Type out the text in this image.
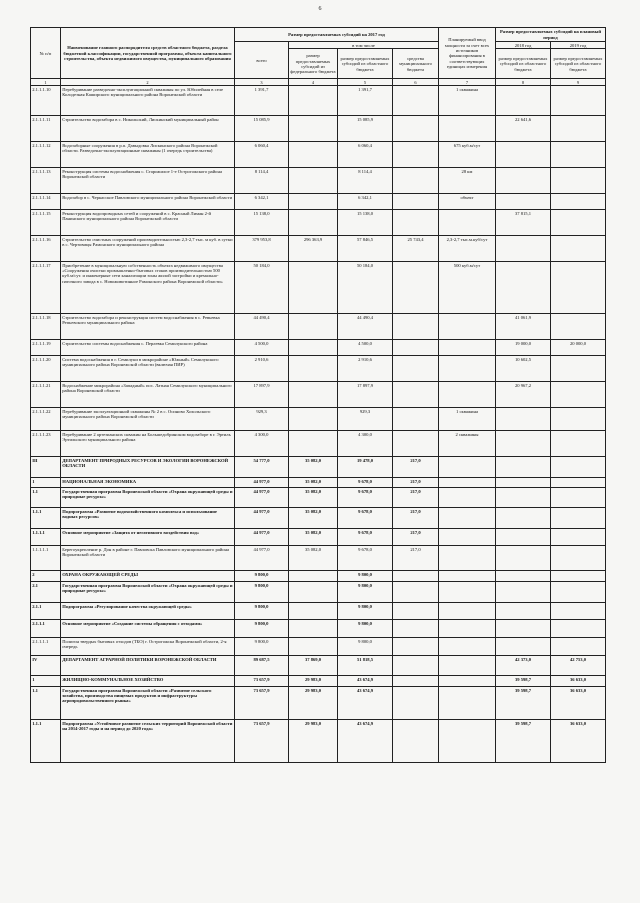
6
№ п/п	Наименование главного распорядителя средств областного бюджета, раздела бюджетной классификации, государственной программы, объекта капитального строительства, объекта недвижимого имущества, муниципального образования	Размер предоставляемых субсидий на 2017 год				Планируемый ввод мощности за счет всех источников финансирования в соответствующих единицах измерения	Размер предоставляемых субсидий на плановый период	
		всего	в том числе				2018 год	2019 год
			размер предоставляемых субсидий из федерального бюджета	размер предоставляемых субсидий из областного бюджета	средства муниципального бюджета		размер предоставляемых субсидий из областного бюджета	размер предоставляемых субсидий из областного бюджета

1	2	3	4	5	6	7	8	9
2.1.1.1.10	Перебуривание разведочно-эксплуатационной скважины по ул. Юбилейная в селе Колодезная Каширского муниципального района Воронежской области	1 391,7		1 391,7		1 скважина		
2.1.1.1.11	Строительство водозабора в с. Никольский, Лискинский муниципальный район	15 085,9		15 085,9			22 641,6	
2.1.1.1.12	Водозаборные сооружения в р.п. Давыдовка Лискинского района Воронежской области. Разведочно-эксплуатационные скважины (1 очередь строительства)	6 060,4		6 060,4		675 куб.м/сут		
2.1.1.1.13	Реконструкция системы водоснабжения с. Старожилое 1-е Острогожского района Воронежской области	8 114,4		8 114,4		28 км		
2.1.1.1.14	Водозабор в с. Черкасское Павловского муниципального района Воронежской области	6 342,1		6 342,1		объект		
2.1.1.1.15	Реконструкция водопроводных сетей и сооружений в с. Красный Лиман 2-й Панинского муниципального района Воронежской области	15 138,0		15 138,0			37 815,1	
2.1.1.1.16	Строительство очистных сооружений производительностью 2,3-2,7 тыс. м куб. в сутки в с. Чертовицы Рамонского муниципального района	379 953,8	296 363,9	57 846,5	25 743,4	2,3-2,7 тыс.м.куб/сут		
2.1.1.1.17	Приобретение в муниципальную собственность объекта недвижимого имущества «Сооружения очистки промышленно-бытовых стоков производительностью 500 куб.м/сут. и инженерные сети канализации зоны жилой застройки и кремально-паточного завода в с. Новоживотинное Рамонского района Воронежской области»	50 184,0		50 184,0		500 куб.м/сут		
2.1.1.1.18	Строительство водозабора и реконструкция систем водоснабжения в с. Ревьевка Репьевского муниципального района	44 490,4		44 490,4			41 061,9	
2.1.1.1.19	Строительство системы водоснабжения с. Перлевка Семилукского района	4 500,0		4 500,0			19 000,0	20 000,0
2.1.1.1.20	Система водоснабжения в г. Семилуки в микрорайоне «Южный» Семилукского муниципального района Воронежской области (включая ПИР)	2 910,6		2 910,6			10 602,5	
2.1.1.1.21	Водоснабжение микрорайона «Западный» пос. Латная Семилукского муниципального района Воронежской области	17 897,9		17 897,9			20 967,2	
2.1.1.1.22	Перебуривание эксплуатационной скважины № 2 в с. Осиново Хохольского муниципального района Воронежской области	929,3		929,3		1 скважина		
2.1.1.1.23	Перебуривание 2 артезианских скважин на Большедобринском водозаборе в г. Эртиль Эртильского муниципального района	4 300,0		4 300,0		2 скважины		
III	ДЕПАРТАМЕНТ ПРИРОДНЫХ РЕСУРСОВ И ЭКОЛОГИИ ВОРОНЕЖСКОЙ ОБЛАСТИ	54 777,0	35 082,0	19 478,0	217,0			
1	НАЦИОНАЛЬНАЯ ЭКОНОМИКА	44 977,0	35 082,0	9 678,0	217,0			
1.1	Государственная программа Воронежской области «Охрана окружающей среды и природные ресурсы»	44 977,0	35 082,0	9 678,0	217,0			
1.1.1	Подпрограмма «Развитие водохозяйственного комплекса и использование водных ресурсов»	44 977,0	35 082,0	9 678,0	217,0			
1.1.1.1	Основное мероприятие «Защита от негативного воздействия вод»	44 977,0	35 082,0	9 678,0	217,0			
1.1.1.1.1	Берегоукрепление р. Дон в районе г. Павловска Павловского муниципального района Воронежской области	44 977,0	35 082,0	9 678,0	217,0			
2	ОХРАНА ОКРУЖАЮЩЕЙ СРЕДЫ	9 800,0		9 800,0				
2.1	Государственная программа Воронежской области «Охрана окружающей среды и природные ресурсы»	9 800,0		9 800,0				
2.1.1	Подпрограмма «Регулирование качества окружающей среды»	9 800,0		9 800,0				
2.1.1.1	Основное мероприятие «Создание системы обращения с отходами»	9 800,0		9 800,0				
2.1.1.1.1	Полигон твердых бытовых отходов (ТБО) г. Острогожска Воронежской области, 2-я очередь	9 800,0		9 800,0				
IV	ДЕПАРТАМЕНТ АГРАРНОЙ ПОЛИТИКИ ВОРОНЕЖСКОЙ ОБЛАСТИ	89 687,5	37 869,0	51 818,5			42 373,0	42 753,0
1	ЖИЛИЩНО-КОММУНАЛЬНОЕ ХОЗЯЙСТВО	73 657,9	29 983,0	43 674,9			39 598,7	36 633,0
1.1	Государственная программа Воронежской области «Развитие сельского хозяйства, производства пищевых продуктов и инфраструктуры агропродовольственного рынка»	73 657,9	29 983,0	43 674,9			39 598,7	36 633,0
1.1.1	Подпрограмма «Устойчивое развитие сельских территорий Воронежской области на 2014-2017 годы и на период до 2020 года»	73 657,9	29 983,0	43 674,9			39 598,7	36 633,0
